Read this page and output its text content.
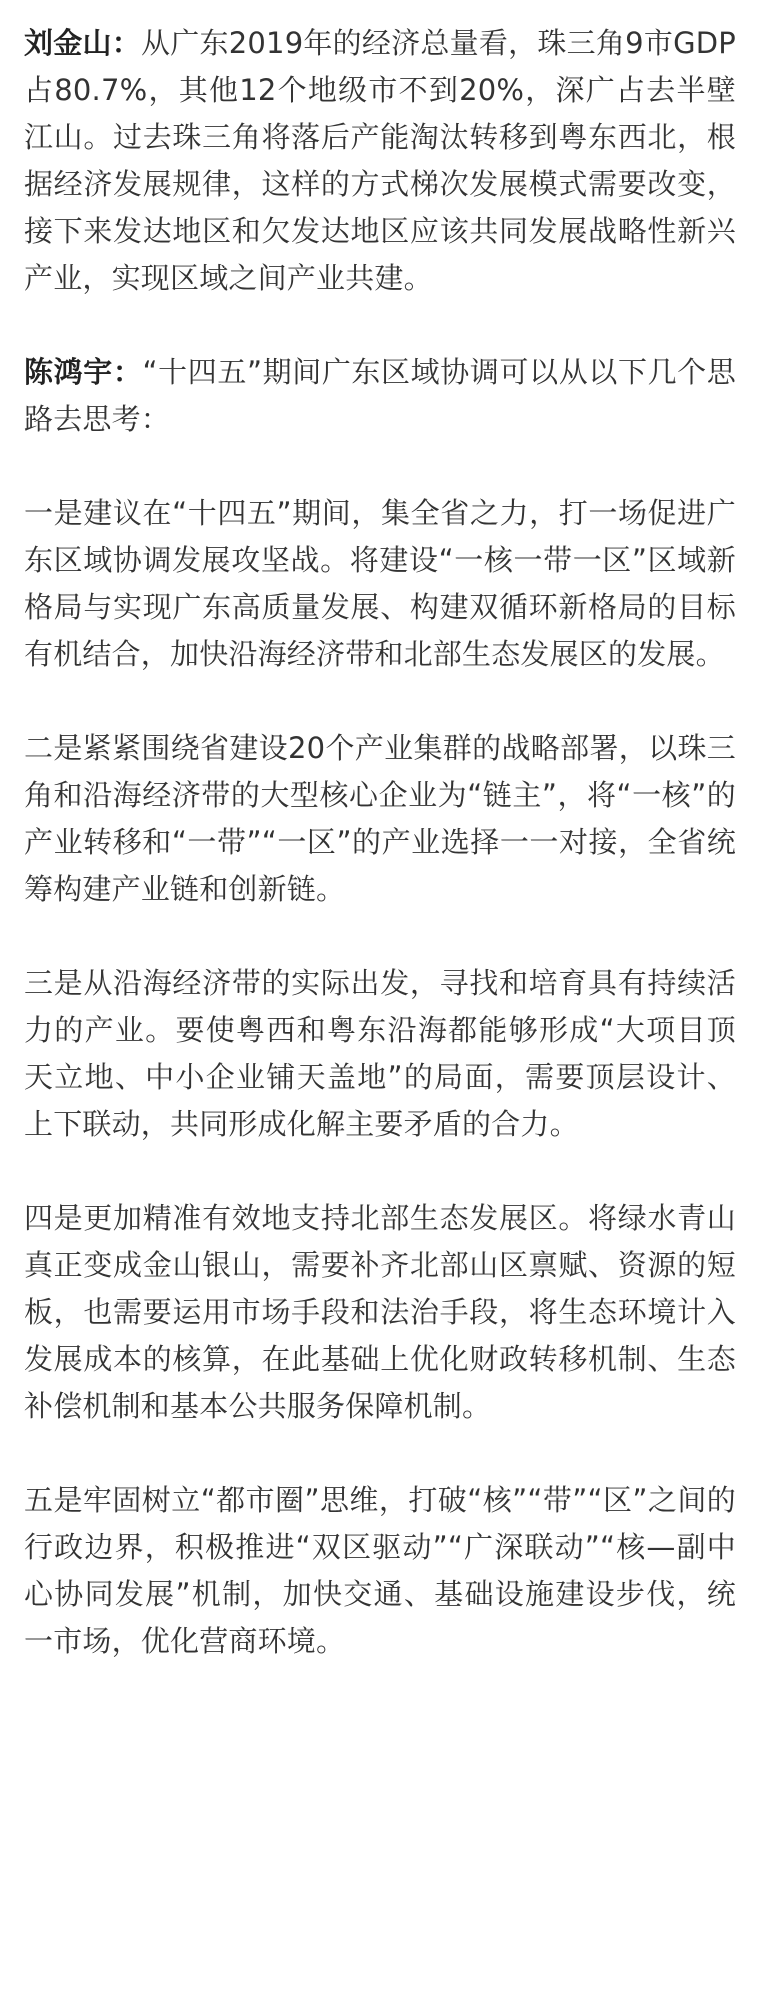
刘金山：从广东2019年的经济总量看，珠三角9市GDP占80.7%，其他12个地级市不到20%，深广占去半壁江山。过去珠三角将落后产能淘汰转移到粤东西北，根据经济发展规律，这样的方式梯次发展模式需要改变，接下来发达地区和欠发达地区应该共同发展战略性新兴产业，实现区域之间产业共建。

陈鸿宇：“十四五”期间广东区域协调可以从以下几个思路去思考：

一是建议在“十四五”期间，集全省之力，打一场促进广东区域协调发展攻坚战。将建设“一核一带一区”区域新格局与实现广东高质量发展、构建双循环新格局的目标有机结合，加快沿海经济带和北部生态发展区的发展。

二是紧紧围绕省建设20个产业集群的战略部署，以珠三角和沿海经济带的大型核心企业为“链主”，将“一核”的产业转移和“一带”“一区”的产业选择一一对接，全省统筹构建产业链和创新链。

三是从沿海经济带的实际出发，寻找和培育具有持续活力的产业。要使粤西和粤东沿海都能够形成“大项目顶天立地、中小企业铺天盖地”的局面，需要顶层设计、上下联动，共同形成化解主要矛盾的合力。

四是更加精准有效地支持北部生态发展区。将绿水青山真正变成金山银山，需要补齐北部山区禀赋、资源的短板，也需要运用市场手段和法治手段，将生态环境计入发展成本的核算，在此基础上优化财政转移机制、生态补偿机制和基本公共服务保障机制。

五是牢固树立“都市圈”思维，打破“核”“带”“区”之间的行政边界，积极推进“双区驱动”“广深联动”“核—副中心协同发展”机制，加快交通、基础设施建设步伐，统一市场，优化营商环境。
